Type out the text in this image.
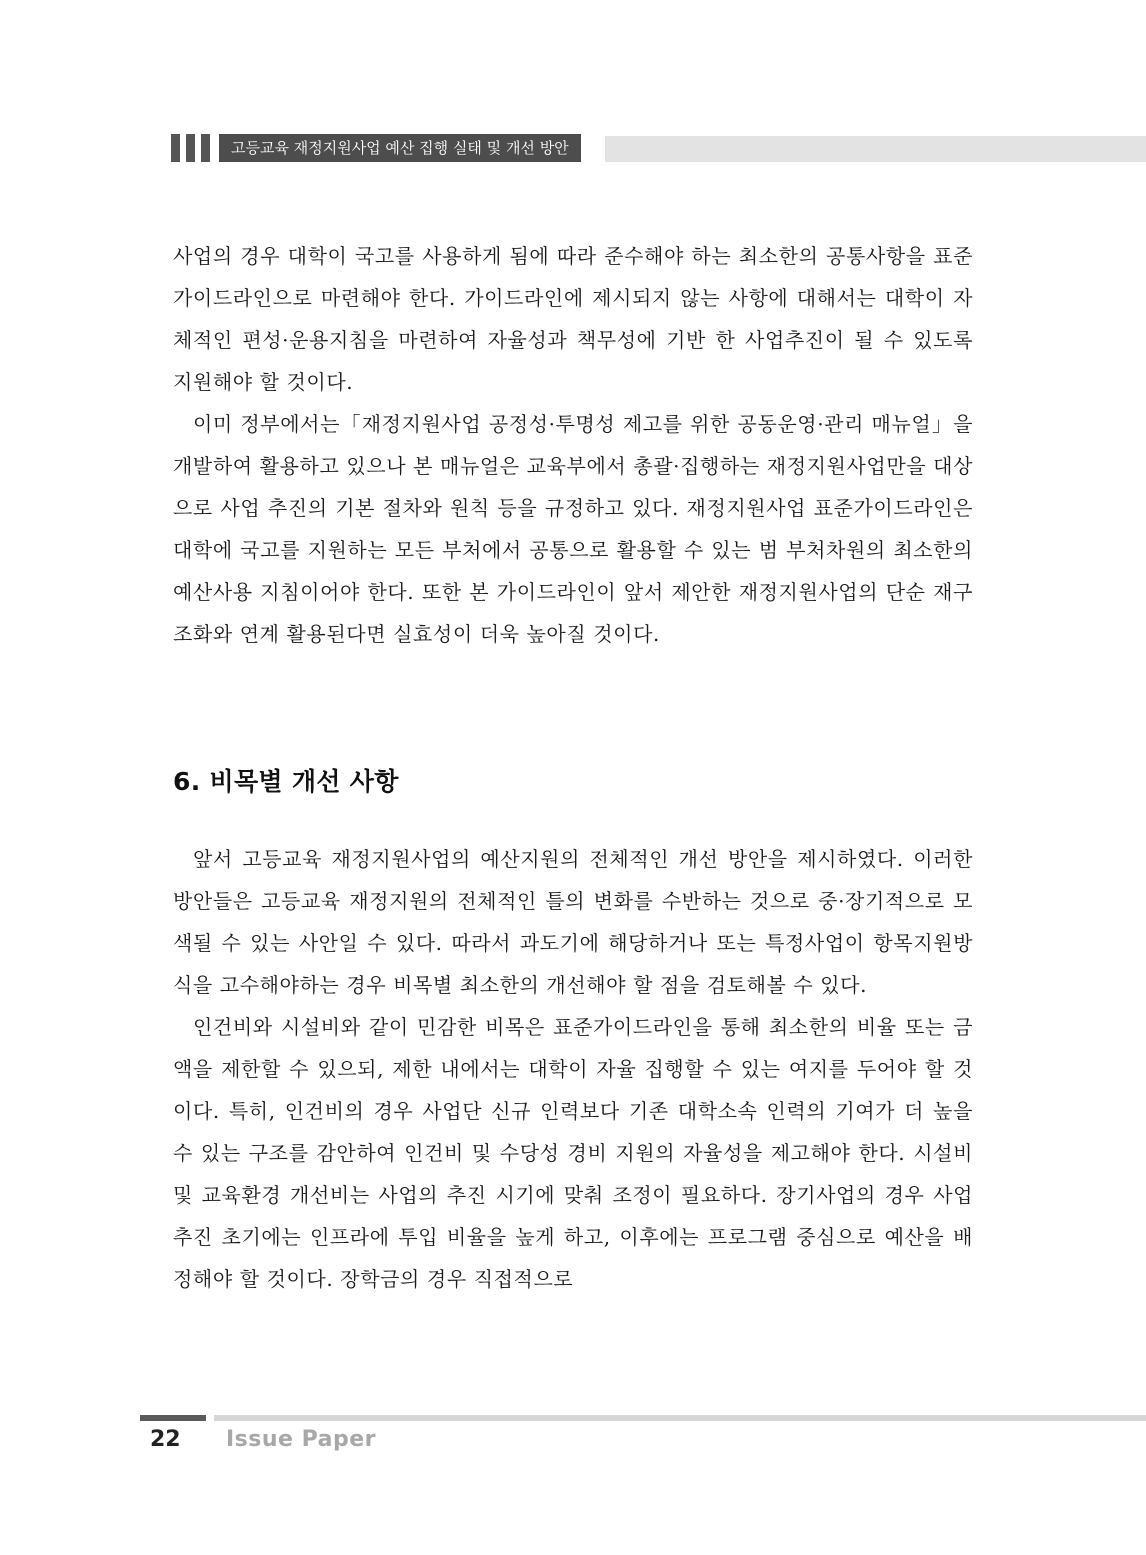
고등교육 재정지원사업 예산 집행 실태 및 개선 방안

사업의 경우 대학이 국고를 사용하게 됨에 따라 준수해야 하는 최소한의 공통사항을 표준가이드라인으로 마련해야 한다. 가이드라인에 제시되지 않는 사항에 대해서는 대학이 자체적인 편성·운용지침을 마련하여 자율성과 책무성에 기반 한 사업추진이 될 수 있도록 지원해야 할 것이다.

이미 정부에서는「재정지원사업 공정성·투명성 제고를 위한 공동운영·관리 매뉴얼」을 개발하여 활용하고 있으나 본 매뉴얼은 교육부에서 총괄·집행하는 재정지원사업만을 대상으로 사업 추진의 기본 절차와 원칙 등을 규정하고 있다. 재정지원사업 표준가이드라인은 대학에 국고를 지원하는 모든 부처에서 공통으로 활용할 수 있는 범 부처차원의 최소한의 예산사용 지침이어야 한다. 또한 본 가이드라인이 앞서 제안한 재정지원사업의 단순 재구조화와 연계 활용된다면 실효성이 더욱 높아질 것이다.

6. 비목별 개선 사항

앞서 고등교육 재정지원사업의 예산지원의 전체적인 개선 방안을 제시하였다. 이러한 방안들은 고등교육 재정지원의 전체적인 틀의 변화를 수반하는 것으로 중·장기적으로 모색될 수 있는 사안일 수 있다. 따라서 과도기에 해당하거나 또는 특정사업이 항목지원방식을 고수해야하는 경우 비목별 최소한의 개선해야 할 점을 검토해볼 수 있다.

인건비와 시설비와 같이 민감한 비목은 표준가이드라인을 통해 최소한의 비율 또는 금액을 제한할 수 있으되, 제한 내에서는 대학이 자율 집행할 수 있는 여지를 두어야 할 것이다. 특히, 인건비의 경우 사업단 신규 인력보다 기존 대학소속 인력의 기여가 더 높을 수 있는 구조를 감안하여 인건비 및 수당성 경비 지원의 자율성을 제고해야 한다. 시설비 및 교육환경 개선비는 사업의 추진 시기에 맞춰 조정이 필요하다. 장기사업의 경우 사업 추진 초기에는 인프라에 투입 비율을 높게 하고, 이후에는 프로그램 중심으로 예산을 배정해야 할 것이다. 장학금의 경우 직접적으로

22 Issue Paper
